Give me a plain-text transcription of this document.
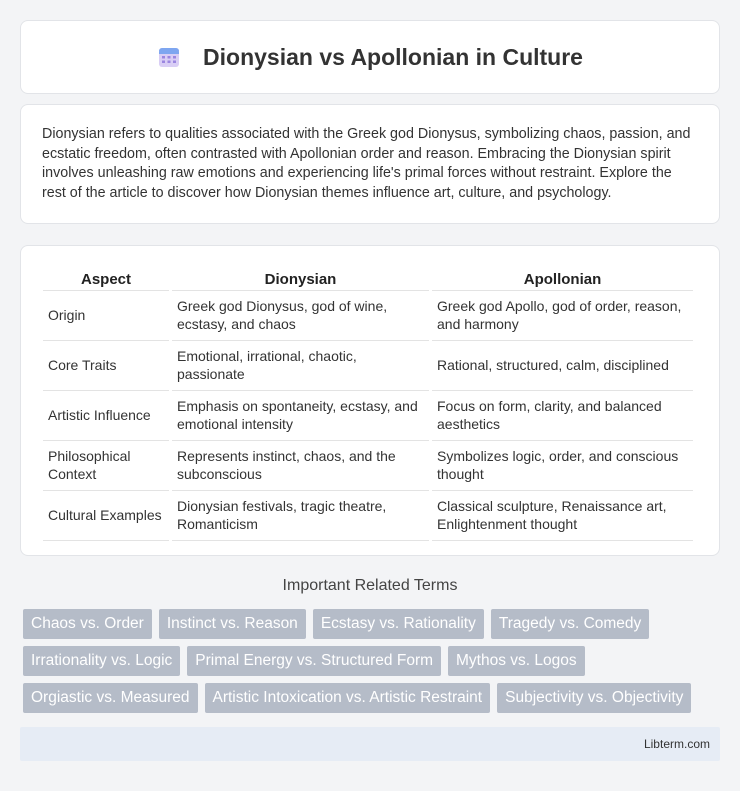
Dionysian vs Apollonian in Culture

Dionysian refers to qualities associated with the Greek god Dionysus, symbolizing chaos, passion, and ecstatic freedom, often contrasted with Apollonian order and reason. Embracing the Dionysian spirit involves unleashing raw emotions and experiencing life's primal forces without restraint. Explore the rest of the article to discover how Dionysian themes influence art, culture, and psychology.

Aspect	Dionysian	Apollonian
Origin	Greek god Dionysus, god of wine, ecstasy, and chaos	Greek god Apollo, god of order, reason, and harmony
Core Traits	Emotional, irrational, chaotic, passionate	Rational, structured, calm, disciplined
Artistic Influence	Emphasis on spontaneity, ecstasy, and emotional intensity	Focus on form, clarity, and balanced aesthetics
Philosophical Context	Represents instinct, chaos, and the subconscious	Symbolizes logic, order, and conscious thought
Cultural Examples	Dionysian festivals, tragic theatre, Romanticism	Classical sculpture, Renaissance art, Enlightenment thought
Important Related Terms
Chaos vs. Order	Instinct vs. Reason	Ecstasy vs. Rationality	Tragedy vs. Comedy
Irrationality vs. Logic	Primal Energy vs. Structured Form	Mythos vs. Logos
Orgiastic vs. Measured	Artistic Intoxication vs. Artistic Restraint	Subjectivity vs. Objectivity
Libterm.com
